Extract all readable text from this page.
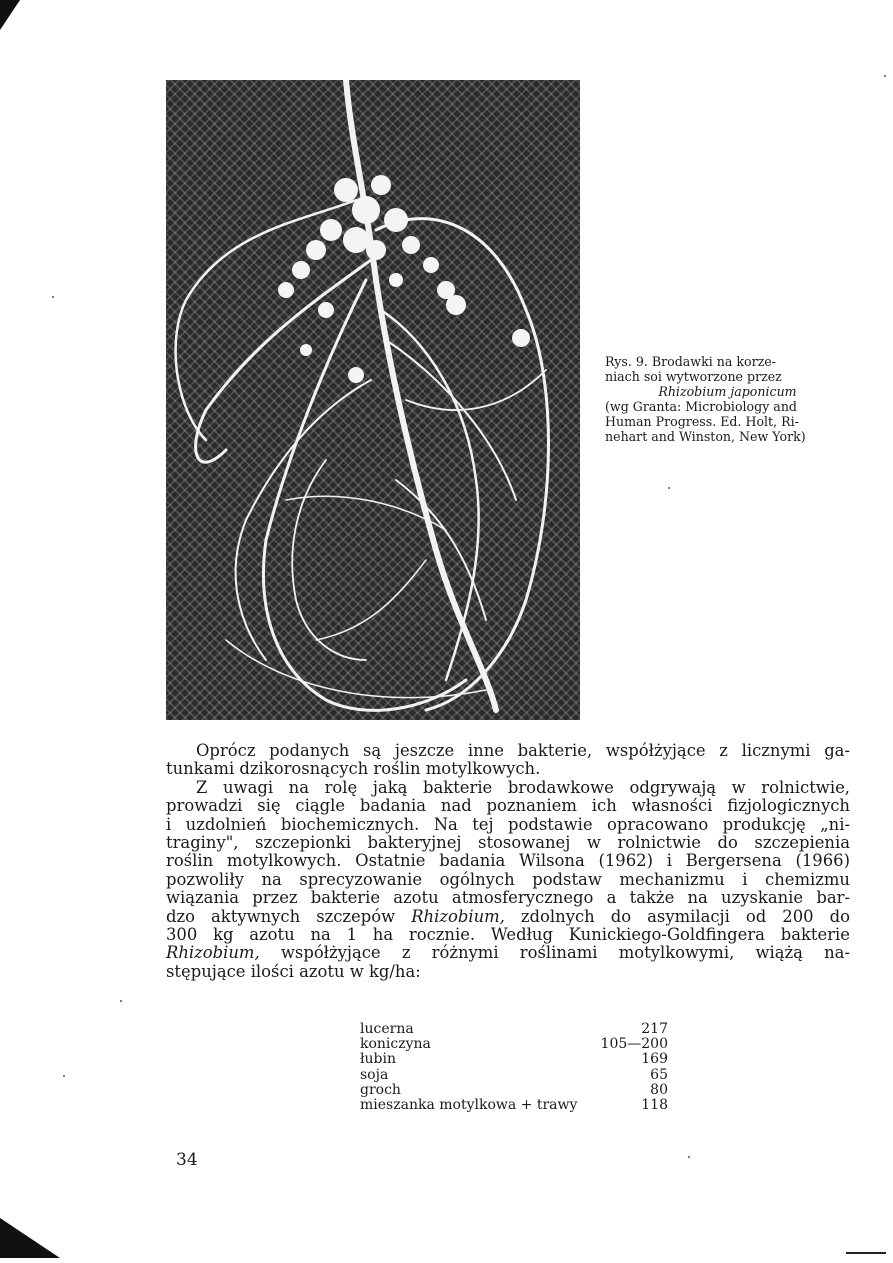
Rys. 9. Brodawki na korze-
niach soi wytworzone przez
Rhizobium japonicum
(wg Granta: Microbiology and
Human Progress. Ed. Holt, Ri-
nehart and Winston, New York)
Oprócz podanych są jeszcze inne bakterie, współżyjące z licznymi ga-
tunkami dzikorosnących roślin motylkowych.
Z uwagi na rolę jaką bakterie brodawkowe odgrywają w rolnictwie,
prowadzi się ciągle badania nad poznaniem ich własności fizjologicznych
i uzdolnień biochemicznych. Na tej podstawie opracowano produkcję „ni-
traginy", szczepionki bakteryjnej stosowanej w rolnictwie do szczepienia
roślin motylkowych. Ostatnie badania Wilsona (1962) i Bergersena (1966)
pozwoliły na sprecyzowanie ogólnych podstaw mechanizmu i chemizmu
wiązania przez bakterie azotu atmosferycznego a także na uzyskanie bar-
dzo aktywnych szczepów Rhizobium, zdolnych do asymilacji od 200 do
300 kg azotu na 1 ha rocznie. Według Kunickiego-Goldfingera bakterie
Rhizobium, współżyjące z różnymi roślinami motylkowymi, wiążą na-
stępujące ilości azotu w kg/ha:
lucerna	217
koniczyna	105—200
łubin	169
soja	65
groch	80
mieszanka motylkowa + trawy	118
34
